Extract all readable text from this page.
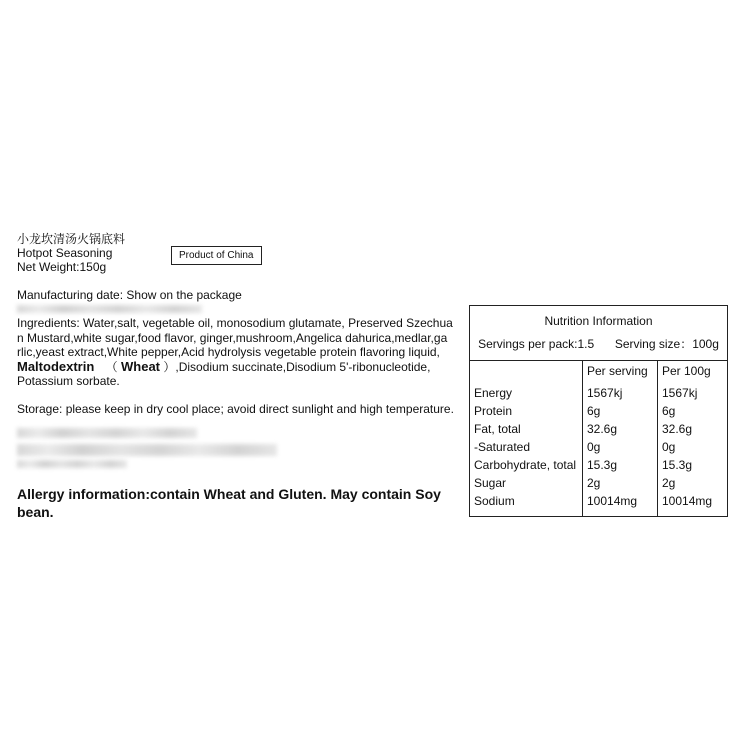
小龙坎清汤火锅底料
Hotpot Seasoning
Net Weight:150g
Product of China
Manufacturing date: Show on the package
Ingredients: Water,salt, vegetable oil, monosodium glutamate, Preserved Szechua
n Mustard,white sugar,food flavor, ginger,mushroom,Angelica dahurica,medlar,ga
rlic,yeast extract,White pepper,Acid hydrolysis vegetable protein flavoring liquid,
Maltodextrin （ Wheat ）,Disodium succinate,Disodium 5'-ribonucleotide,
Potassium sorbate.
Storage: please keep in dry cool place; avoid direct sunlight and high temperature.
Allergy information:contain Wheat and Gluten. May contain Soy bean.
Nutrition Information		
Servings per pack:1.5 Serving size：100g		
	Per serving	Per 100g
Energy	1567kj	1567kj
Protein	6g	6g
Fat, total	32.6g	32.6g
-Saturated	0g	0g
Carbohydrate, total	15.3g	15.3g
Sugar	2g	2g
Sodium	10014mg	10014mg
